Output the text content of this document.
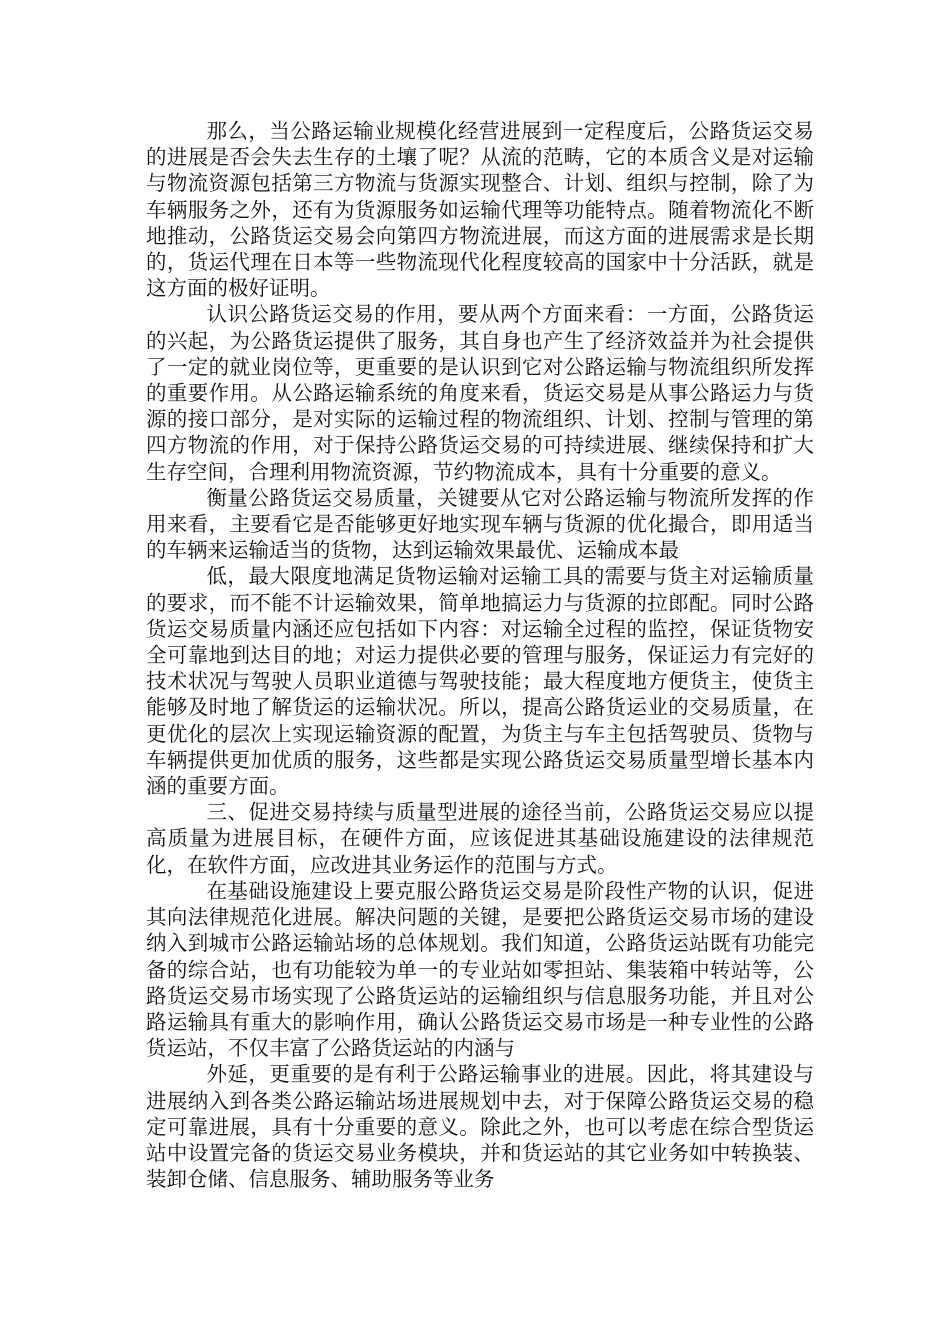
那么，当公路运输业规模化经营进展到一定程度后，公路货运交易的进展是否会失去生存的土壤了呢？从流的范畴，它的本质含义是对运输与物流资源包括第三方物流与货源实现整合、计划、组织与控制，除了为车辆服务之外，还有为货源服务如运输代理等功能特点。随着物流化不断地推动，公路货运交易会向第四方物流进展，而这方面的进展需求是长期的，货运代理在日本等一些物流现代化程度较高的国家中十分活跃，就是这方面的极好证明。

认识公路货运交易的作用，要从两个方面来看：一方面，公路货运的兴起，为公路货运提供了服务，其自身也产生了经济效益并为社会提供了一定的就业岗位等，更重要的是认识到它对公路运输与物流组织所发挥的重要作用。从公路运输系统的角度来看，货运交易是从事公路运力与货源的接口部分，是对实际的运输过程的物流组织、计划、控制与管理的第四方物流的作用，对于保持公路货运交易的可持续进展、继续保持和扩大生存空间，合理利用物流资源，节约物流成本，具有十分重要的意义。

衡量公路货运交易质量，关键要从它对公路运输与物流所发挥的作用来看，主要看它是否能够更好地实现车辆与货源的优化撮合，即用适当的车辆来运输适当的货物，达到运输效果最优、运输成本最

低，最大限度地满足货物运输对运输工具的需要与货主对运输质量的要求，而不能不计运输效果，简单地搞运力与货源的拉郎配。同时公路货运交易质量内涵还应包括如下内容：对运输全过程的监控，保证货物安全可靠地到达目的地；对运力提供必要的管理与服务，保证运力有完好的技术状况与驾驶人员职业道德与驾驶技能；最大程度地方便货主，使货主能够及时地了解货运的运输状况。所以，提高公路货运业的交易质量，在更优化的层次上实现运输资源的配置，为货主与车主包括驾驶员、货物与车辆提供更加优质的服务，这些都是实现公路货运交易质量型增长基本内涵的重要方面。

三、促进交易持续与质量型进展的途径当前，公路货运交易应以提高质量为进展目标，在硬件方面，应该促进其基础设施建设的法律规范化，在软件方面，应改进其业务运作的范围与方式。

在基础设施建设上要克服公路货运交易是阶段性产物的认识，促进其向法律规范化进展。解决问题的关键，是要把公路货运交易市场的建设纳入到城市公路运输站场的总体规划。我们知道，公路货运站既有功能完备的综合站，也有功能较为单一的专业站如零担站、集装箱中转站等，公路货运交易市场实现了公路货运站的运输组织与信息服务功能，并且对公路运输具有重大的影响作用，确认公路货运交易市场是一种专业性的公路货运站，不仅丰富了公路货运站的内涵与

外延，更重要的是有利于公路运输事业的进展。因此，将其建设与进展纳入到各类公路运输站场进展规划中去，对于保障公路货运交易的稳定可靠进展，具有十分重要的意义。除此之外，也可以考虑在综合型货运站中设置完备的货运交易业务模块，并和货运站的其它业务如中转换装、装卸仓储、信息服务、辅助服务等业务
